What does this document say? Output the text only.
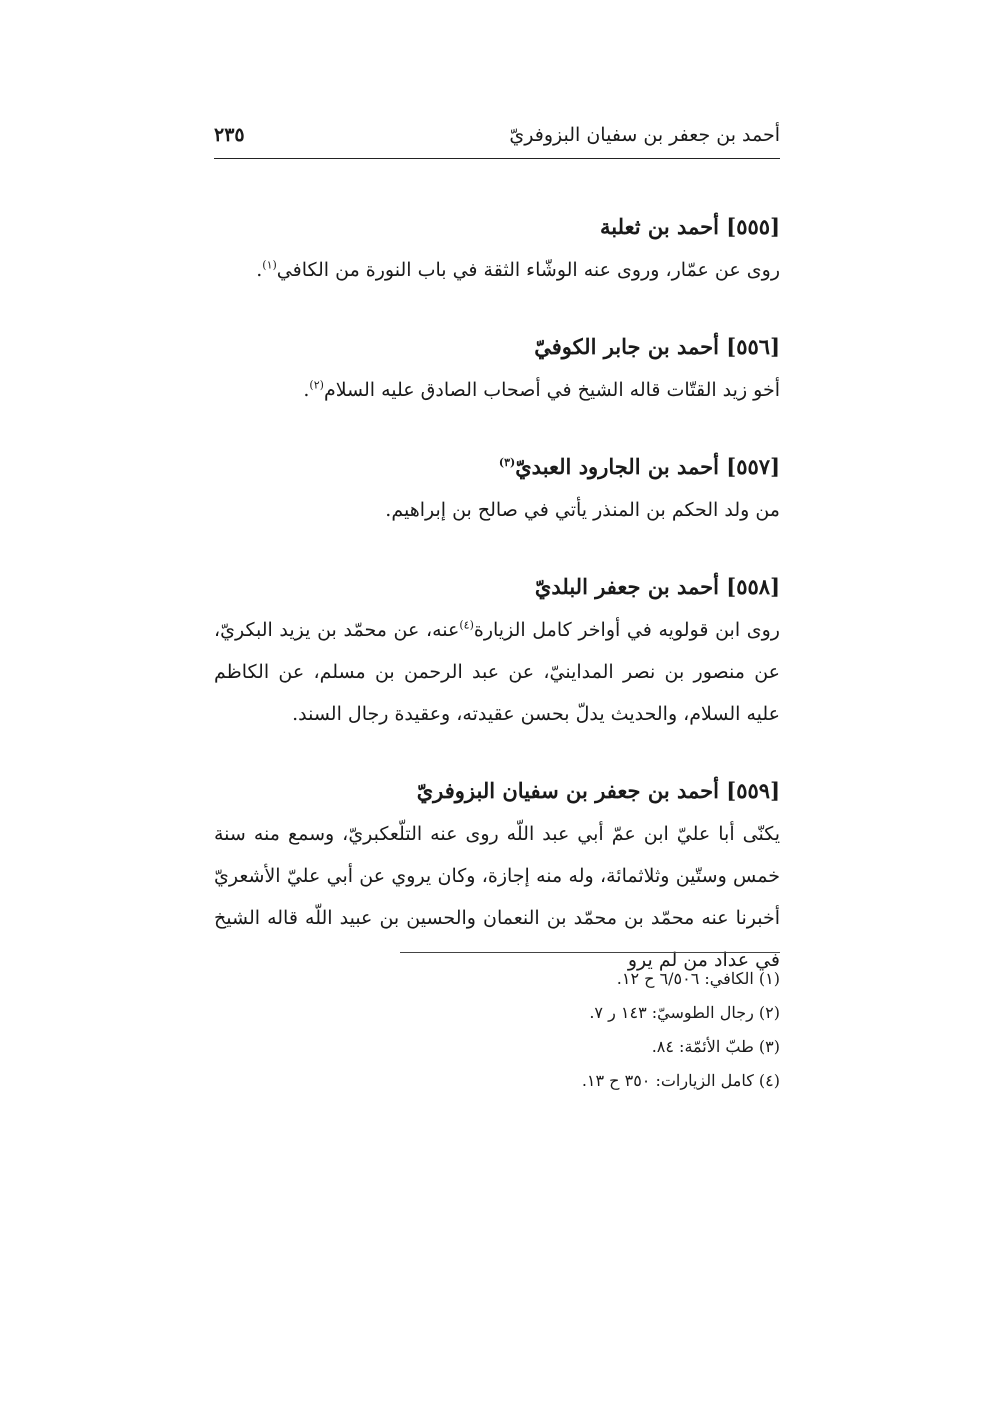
أحمد بن جعفر بن سفيان البزوفريّ
٢٣٥

[٥٥٥] أحمد بن ثعلبة

روى عن عمّار، وروى عنه الوشّاء الثقة في باب النورة من الكافي$^{(١)}$.

[٥٥٦] أحمد بن جابر الكوفيّ

أخو زيد القتّات قاله الشيخ في أصحاب الصادق عليه السلام$^{(٢)}$.

[٥٥٧] أحمد بن الجارود العبديّ$^{(٣)}$

من ولد الحكم بن المنذر يأتي في صالح بن إبراهيم.

[٥٥٨] أحمد بن جعفر البلديّ

روى ابن قولويه في أواخر كامل الزيارة$^{(٤)}$عنه، عن محمّد بن يزيد البكريّ، عن منصور بن نصر المداينيّ، عن عبد الرحمن بن مسلم، عن الكاظم عليه السلام، والحديث يدلّ بحسن عقيدته، وعقيدة رجال السند.

[٥٥٩] أحمد بن جعفر بن سفيان البزوفريّ

يكنّى أبا عليّ ابن عمّ أبي عبد اللّه روى عنه التلّعكبريّ، وسمع منه سنة خمس وستّين وثلاثمائة، وله منه إجازة، وكان يروي عن أبي عليّ الأشعريّ أخبرنا عنه محمّد بن محمّد بن النعمان والحسين بن عبيد اللّه قاله الشيخ في عداد من لم يرو

(١) الكافي: ٦/٥٠٦ ح ١٢.

(٢) رجال الطوسيّ: ١٤٣ ر ٧.

(٣) طبّ الأئمّة: ٨٤.

(٤) كامل الزيارات: ٣٥٠ ح ١٣.
